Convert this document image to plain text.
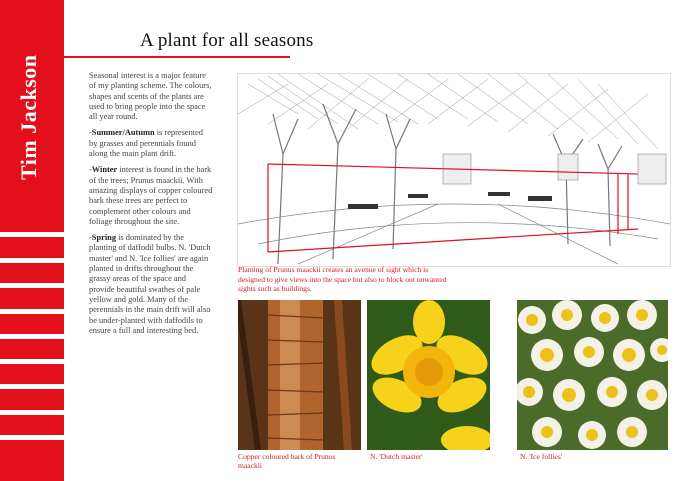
Tim Jackson
A plant for all seasons

Seasonal interest is a major feature of my planting scheme. The colours, shapes and scents of the plants are used to bring people into the space all year round.

-Summer/Autumn is represented by grasses and perennials found along the main plant drift.

-Winter interest is found in the bark of the trees; Prunus maackii. With amazing displays of copper coloured bark these trees are perfect to complement other colours and foliage throughout the site.

-Spring is dominated by the planting of daffodil bulbs. N. 'Dutch master' and N. 'Ice follies' are again planted in drifts throughout the grassy areas of the space and provide beautiful swathes of pale yellow and gold. Many of the perennials in the main drift will also be under-planted with daffodils to ensure a full and interesting bed.

Planting of Prunus maackii creates an avenue of sight which is designed to give views into the space but also to block out unwanted sights such as buildings.
Copper coloured bark of Prunus maackii
N. 'Dutch master'	N. 'Ice follies'
